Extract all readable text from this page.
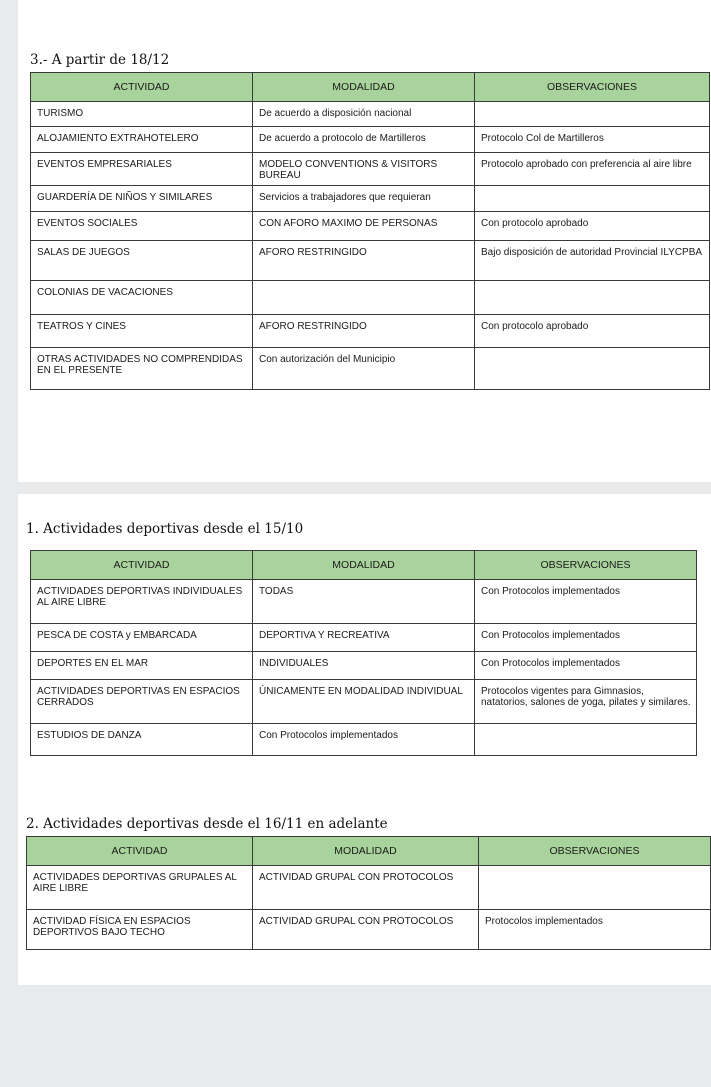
3.- A partir de 18/12
ACTIVIDAD	MODALIDAD	OBSERVACIONES
TURISMO	De acuerdo a disposición nacional	
ALOJAMIENTO EXTRAHOTELERO	De acuerdo a protocolo de Martilleros	Protocolo Col de Martilleros
EVENTOS EMPRESARIALES	MODELO CONVENTIONS & VISITORS BUREAU	Protocolo aprobado con preferencia al aire libre
GUARDERÍA DE NIÑOS Y SIMILARES	Servicios a trabajadores que requieran	
EVENTOS SOCIALES	CON AFORO MAXIMO DE PERSONAS	Con protocolo aprobado
SALAS DE JUEGOS	AFORO RESTRINGIDO	Bajo disposición de autoridad Provincial ILYCPBA
COLONIAS DE VACACIONES		
TEATROS Y CINES	AFORO RESTRINGIDO	Con protocolo aprobado
OTRAS ACTIVIDADES NO COMPRENDIDAS EN EL PRESENTE	Con autorización del Municipio	
1. Actividades deportivas desde el 15/10
ACTIVIDAD	MODALIDAD	OBSERVACIONES
ACTIVIDADES DEPORTIVAS INDIVIDUALES AL AIRE LIBRE	TODAS	Con Protocolos implementados
PESCA DE COSTA y EMBARCADA	DEPORTIVA Y RECREATIVA	Con Protocolos implementados
DEPORTES EN EL MAR	INDIVIDUALES	Con Protocolos implementados
ACTIVIDADES DEPORTIVAS EN ESPACIOS CERRADOS	ÚNICAMENTE EN MODALIDAD INDIVIDUAL	Protocolos vigentes para Gimnasios, natatorios, salones de yoga, pilates y similares.
ESTUDIOS DE DANZA	Con Protocolos implementados	
2. Actividades deportivas desde el 16/11 en adelante
ACTIVIDAD	MODALIDAD	OBSERVACIONES
ACTIVIDADES DEPORTIVAS GRUPALES AL AIRE LIBRE	ACTIVIDAD GRUPAL CON PROTOCOLOS	
ACTIVIDAD FÍSICA EN ESPACIOS DEPORTIVOS BAJO TECHO	ACTIVIDAD GRUPAL CON PROTOCOLOS	Protocolos implementados
